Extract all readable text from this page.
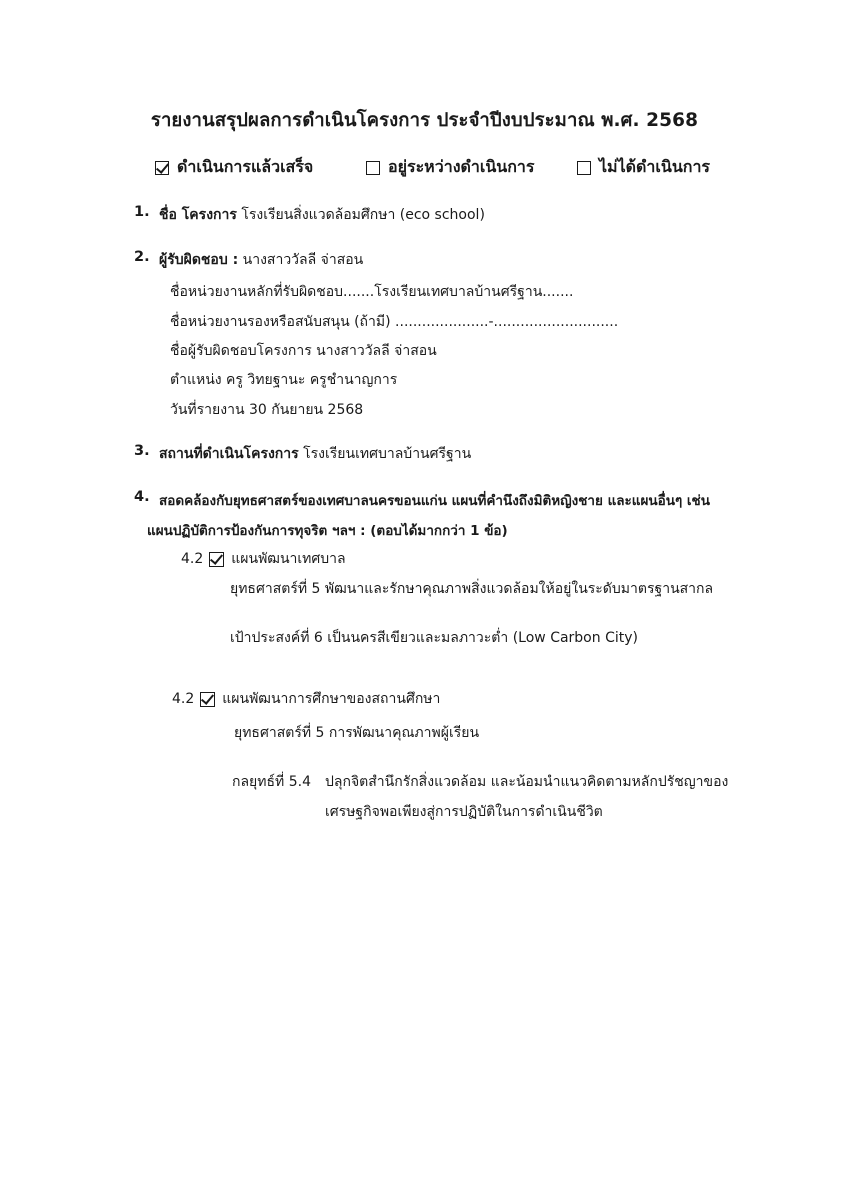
รายงานสรุปผลการดำเนินโครงการ ประจำปีงบประมาณ พ.ศ. 2568
ดำเนินการแล้วเสร็จ	อยู่ระหว่างดำเนินการ	ไม่ได้ดำเนินการ
1. ชื่อ โครงการ โรงเรียนสิ่งแวดล้อมศึกษา (eco school)
2. ผู้รับผิดชอบ : นางสาววัลลี จ่าสอน
ชื่อหน่วยงานหลักที่รับผิดชอบ.......โรงเรียนเทศบาลบ้านศรีฐาน.......
ชื่อหน่วยงานรองหรือสนับสนุน (ถ้ามี) .....................-............................
ชื่อผู้รับผิดชอบโครงการ นางสาววัลลี จ่าสอน
ตำแหน่ง ครู วิทยฐานะ ครูชำนาญการ
วันที่รายงาน 30 กันยายน 2568
3. สถานที่ดำเนินโครงการ โรงเรียนเทศบาลบ้านศรีฐาน
4. สอดคล้องกับยุทธศาสตร์ของเทศบาลนครขอนแก่น แผนที่คำนึงถึงมิติหญิงชาย และแผนอื่นๆ เช่น
แผนปฏิบัติการป้องกันการทุจริต ฯลฯ : (ตอบได้มากกว่า 1 ข้อ)
4.2 แผนพัฒนาเทศบาล
ยุทธศาสตร์ที่ 5 พัฒนาและรักษาคุณภาพสิ่งแวดล้อมให้อยู่ในระดับมาตรฐานสากล
เป้าประสงค์ที่ 6 เป็นนครสีเขียวและมลภาวะต่ำ (Low Carbon City)
4.2 แผนพัฒนาการศึกษาของสถานศึกษา
ยุทธศาสตร์ที่ 5 การพัฒนาคุณภาพผู้เรียน
กลยุทธ์ที่ 5.4 ปลุกจิตสำนึกรักสิ่งแวดล้อม และน้อมนำแนวคิดตามหลักปรัชญาของ
เศรษฐกิจพอเพียงสู่การปฏิบัติในการดำเนินชีวิต
